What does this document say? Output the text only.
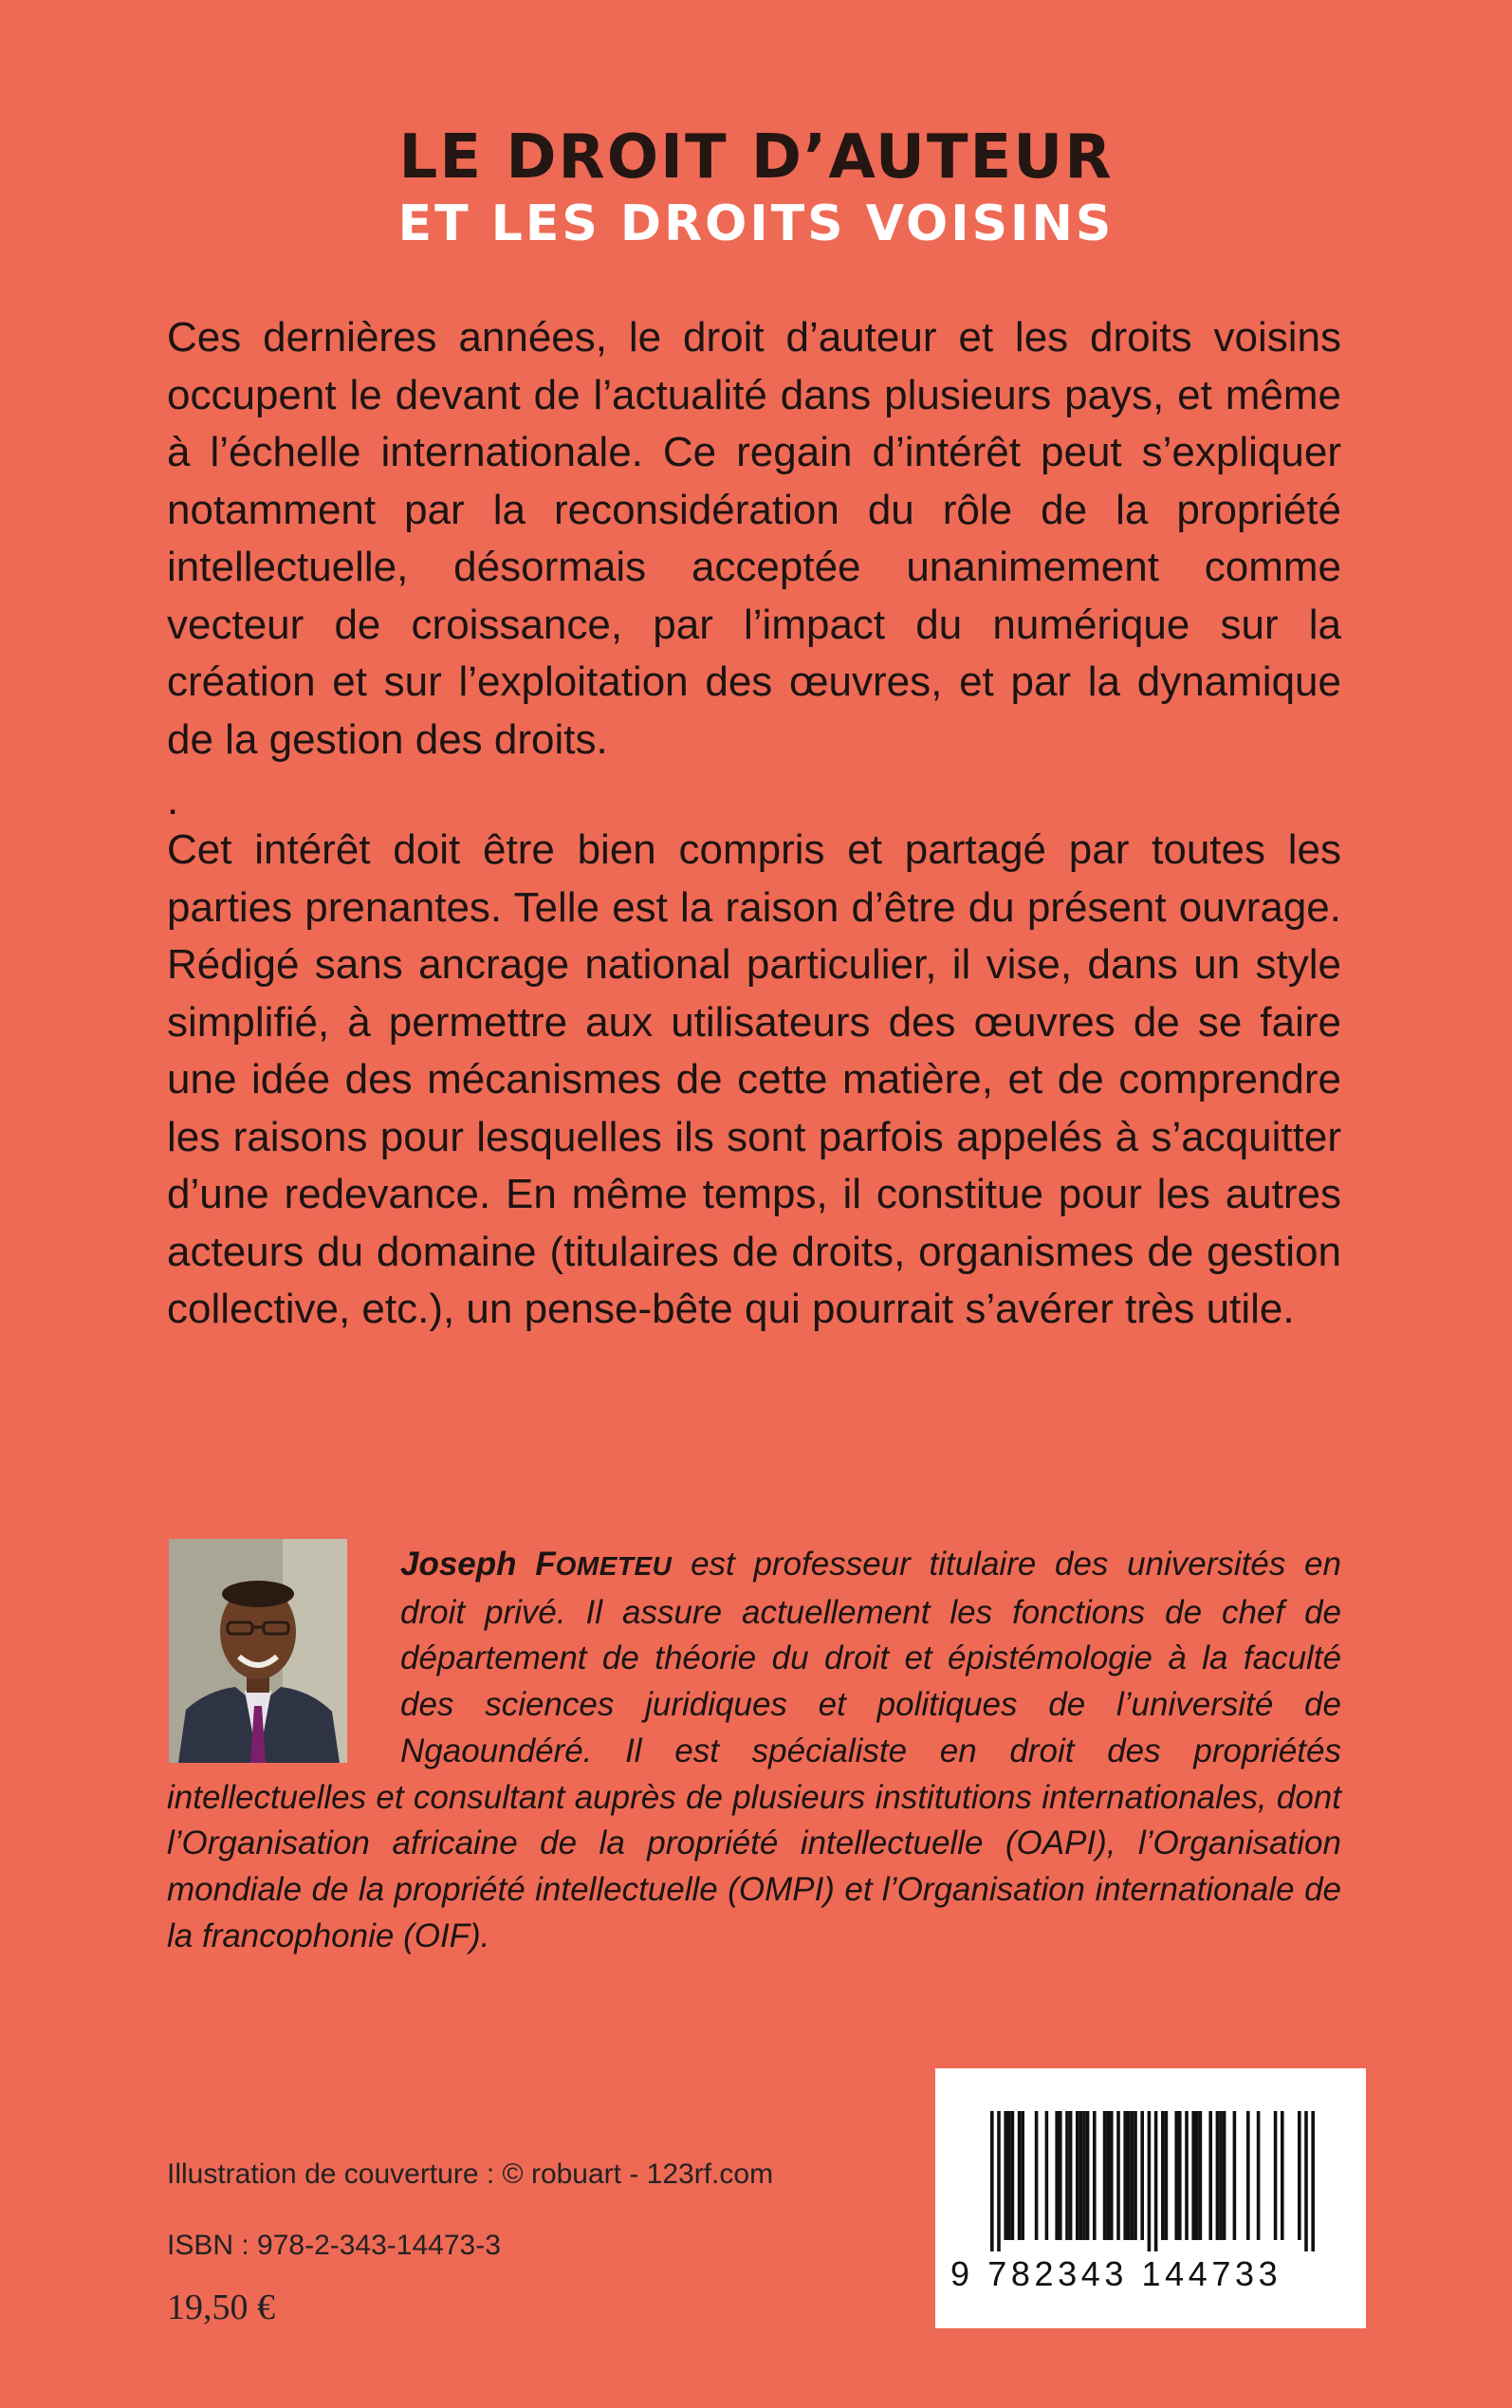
LE DROIT D’AUTEUR
ET LES DROITS VOISINS
Ces dernières années, le droit d’auteur et les droits voisins occupent le devant de l’actualité dans plusieurs pays, et même à l’échelle internationale. Ce regain d’intérêt peut s’expliquer notamment par la reconsidération du rôle de la propriété intellectuelle, désormais acceptée unanimement comme vecteur de croissance, par l’impact du numérique sur la création et sur l’exploitation des œuvres, et par la dynamique de la gestion des droits.
.
Cet intérêt doit être bien compris et partagé par toutes les parties prenantes. Telle est la raison d’être du présent ouvrage. Rédigé sans ancrage national particulier, il vise, dans un style simplifié, à permettre aux utilisateurs des œuvres de se faire une idée des mécanismes de cette matière, et de comprendre les raisons pour lesquelles ils sont parfois appelés à s’acquitter d’une redevance. En même temps, il constitue pour les autres acteurs du domaine (titulaires de droits, organismes de gestion collective, etc.), un pense-bête qui pourrait s’avérer très utile.
Joseph FOMETEU est professeur titulaire des universités en droit privé. Il assure actuellement les fonctions de chef de département de théorie du droit et épistémologie à la faculté des sciences juridiques et politiques de l’université de Ngaoundéré. Il est spécialiste en droit des propriétés intellectuelles et consultant auprès de plusieurs institutions internationales, dont l’Organisation africaine de la propriété intellectuelle (OAPI), l’Organisation mondiale de la propriété intellectuelle (OMPI) et l’Organisation internationale de la francophonie (OIF).
Illustration de couverture : © robuart - 123rf.com
ISBN : 978-2-343-14473-3
19,50 €
9 782343 144733
